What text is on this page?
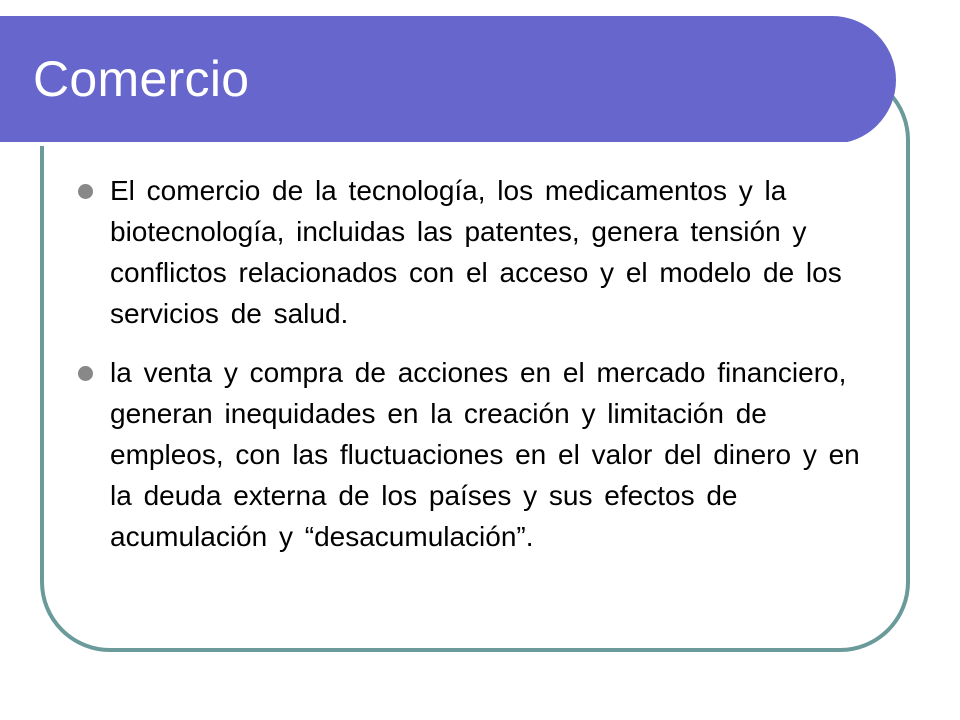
Comercio
El comercio de la tecnología, los medicamentos y la biotecnología, incluidas las patentes, genera tensión y conflictos relacionados con el acceso y el modelo de los servicios de salud.
la venta y compra de acciones en el mercado financiero, generan inequidades en la creación y limitación de empleos, con las fluctuaciones en el valor del dinero y en la deuda externa de los países y sus efectos de acumulación y “desacumulación”.
